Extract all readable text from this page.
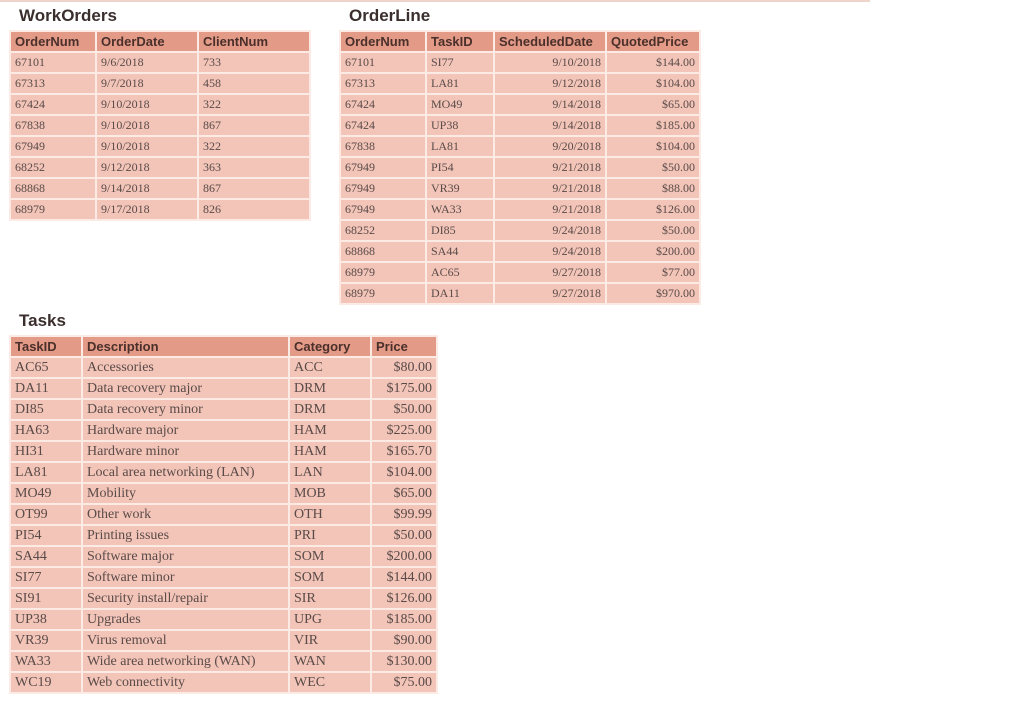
WorkOrders
OrderNum	OrderDate	ClientNum
67101	9/6/2018	733
67313	9/7/2018	458
67424	9/10/2018	322
67838	9/10/2018	867
67949	9/10/2018	322
68252	9/12/2018	363
68868	9/14/2018	867
68979	9/17/2018	826
OrderLine
OrderNum	TaskID	ScheduledDate	QuotedPrice
67101	SI77	9/10/2018	$144.00
67313	LA81	9/12/2018	$104.00
67424	MO49	9/14/2018	$65.00
67424	UP38	9/14/2018	$185.00
67838	LA81	9/20/2018	$104.00
67949	PI54	9/21/2018	$50.00
67949	VR39	9/21/2018	$88.00
67949	WA33	9/21/2018	$126.00
68252	DI85	9/24/2018	$50.00
68868	SA44	9/24/2018	$200.00
68979	AC65	9/27/2018	$77.00
68979	DA11	9/27/2018	$970.00
Tasks
TaskID	Description	Category	Price
AC65	Accessories	ACC	$80.00
DA11	Data recovery major	DRM	$175.00
DI85	Data recovery minor	DRM	$50.00
HA63	Hardware major	HAM	$225.00
HI31	Hardware minor	HAM	$165.70
LA81	Local area networking (LAN)	LAN	$104.00
MO49	Mobility	MOB	$65.00
OT99	Other work	OTH	$99.99
PI54	Printing issues	PRI	$50.00
SA44	Software major	SOM	$200.00
SI77	Software minor	SOM	$144.00
SI91	Security install/repair	SIR	$126.00
UP38	Upgrades	UPG	$185.00
VR39	Virus removal	VIR	$90.00
WA33	Wide area networking (WAN)	WAN	$130.00
WC19	Web connectivity	WEC	$75.00
